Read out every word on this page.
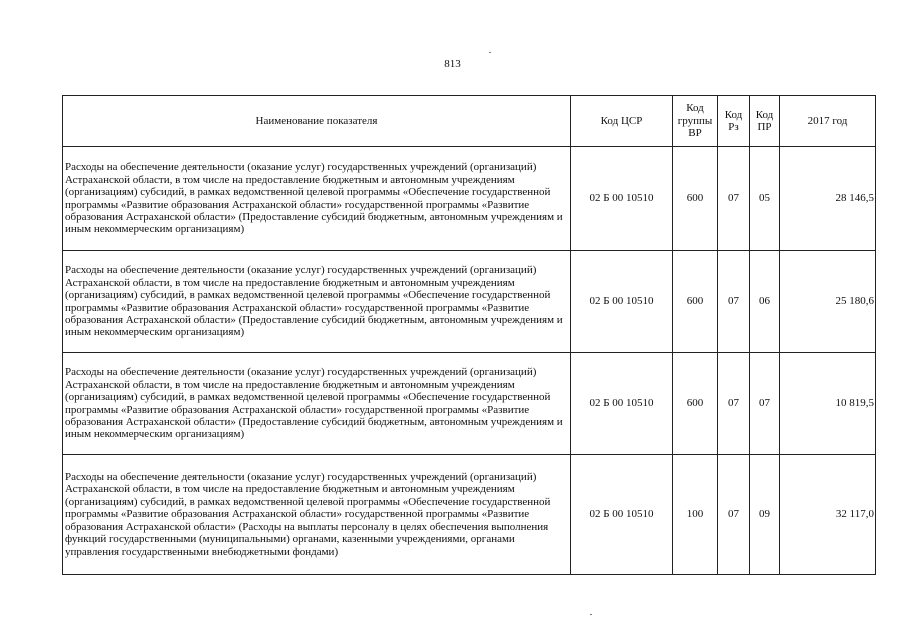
813
Наименование показателя	Код ЦСР	Код группы ВР	Код Рз	Код ПР	2017 год
Расходы на обеспечение деятельности (оказание услуг) государственных учреждений (организаций) Астраханской области, в том числе на предоставление бюджетным и автономным учреждениям (организациям) субсидий, в рамках ведомственной целевой программы «Обеспечение государственной программы «Развитие образования Астраханской области» государственной программы «Развитие образования Астраханской области» (Предоставление субсидий бюджетным, автономным учреждениям и иным некоммерческим организациям)	02 Б 00 10510	600	07	05	28 146,5
Расходы на обеспечение деятельности (оказание услуг) государственных учреждений (организаций) Астраханской области, в том числе на предоставление бюджетным и автономным учреждениям (организациям) субсидий, в рамках ведомственной целевой программы «Обеспечение государственной программы «Развитие образования Астраханской области» государственной программы «Развитие образования Астраханской области» (Предоставление субсидий бюджетным, автономным учреждениям и иным некоммерческим организациям)	02 Б 00 10510	600	07	06	25 180,6
Расходы на обеспечение деятельности (оказание услуг) государственных учреждений (организаций) Астраханской области, в том числе на предоставление бюджетным и автономным учреждениям (организациям) субсидий, в рамках ведомственной целевой программы «Обеспечение государственной программы «Развитие образования Астраханской области» государственной программы «Развитие образования Астраханской области» (Предоставление субсидий бюджетным, автономным учреждениям и иным некоммерческим организациям)	02 Б 00 10510	600	07	07	10 819,5
Расходы на обеспечение деятельности (оказание услуг) государственных учреждений (организаций) Астраханской области, в том числе на предоставление бюджетным и автономным учреждениям (организациям) субсидий, в рамках ведомственной целевой программы «Обеспечение государственной программы «Развитие образования Астраханской области» государственной программы «Развитие образования Астраханской области» (Расходы на выплаты персоналу в целях обеспечения выполнения функций государственными (муниципальными) органами, казенными учреждениями, органами управления государственными внебюджетными фондами)	02 Б 00 10510	100	07	09	32 117,0
